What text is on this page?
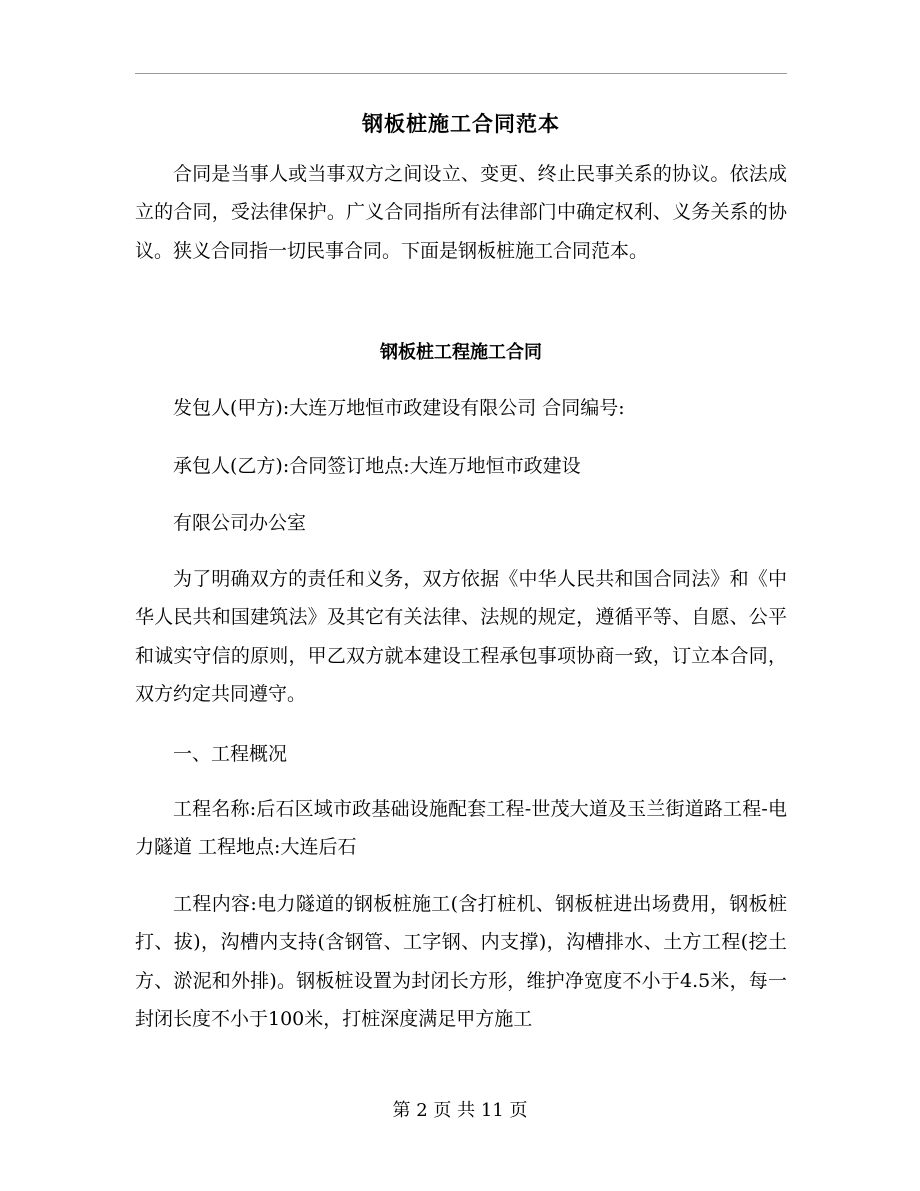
钢板桩施工合同范本

合同是当事人或当事双方之间设立、变更、终止民事关系的协议。依法成立的合同，受法律保护。广义合同指所有法律部门中确定权利、义务关系的协议。狭义合同指一切民事合同。下面是钢板桩施工合同范本。

钢板桩工程施工合同

发包人(甲方):大连万地恒市政建设有限公司 合同编号:

承包人(乙方):合同签订地点:大连万地恒市政建设

有限公司办公室

为了明确双方的责任和义务，双方依据《中华人民共和国合同法》和《中华人民共和国建筑法》及其它有关法律、法规的规定，遵循平等、自愿、公平和诚实守信的原则，甲乙双方就本建设工程承包事项协商一致，订立本合同，双方约定共同遵守。

一、工程概况

工程名称:后石区域市政基础设施配套工程-世茂大道及玉兰街道路工程-电力隧道 工程地点:大连后石

工程内容:电力隧道的钢板桩施工(含打桩机、钢板桩进出场费用，钢板桩打、拔)，沟槽内支持(含钢管、工字钢、内支撑)，沟槽排水、土方工程(挖土方、淤泥和外排)。钢板桩设置为封闭长方形，维护净宽度不小于4.5米，每一封闭长度不小于100米，打桩深度满足甲方施工

第 2 页 共 11 页
